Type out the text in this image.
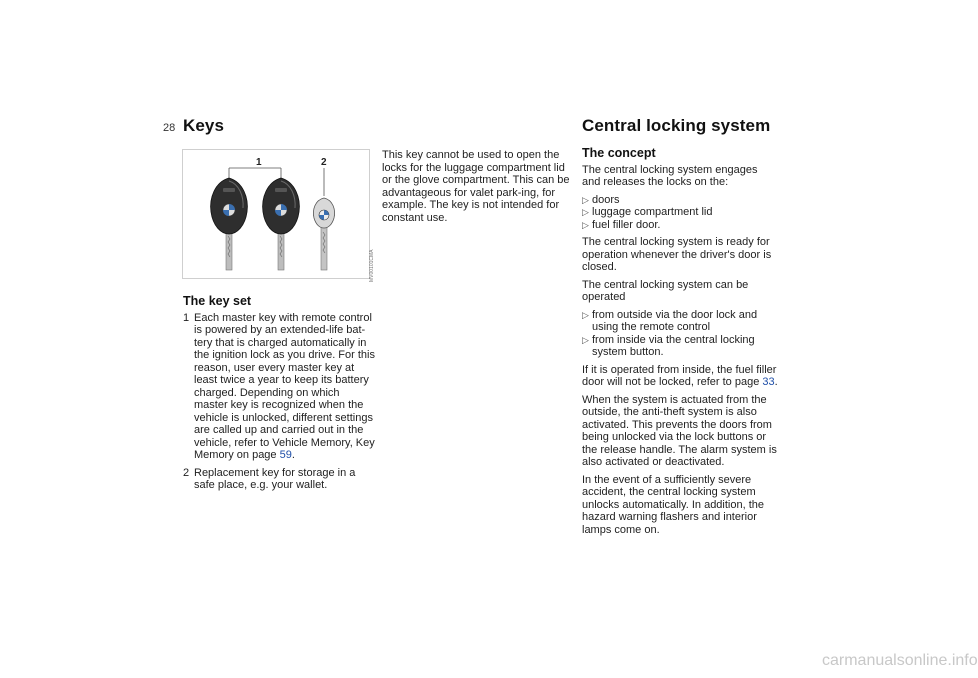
28 Keys	Central locking system
1	2
MV00101CMA
The key set
1 Each master key with remote control is powered by an extended-life bat-tery that is charged automatically in the ignition lock as you drive. For this reason, user every master key at least twice a year to keep its battery charged. Depending on which master key is recognized when the vehicle is unlocked, different settings are called up and carried out in the vehicle, refer to Vehicle Memory, Key Memory on page 59.
2 Replacement key for storage in a safe place, e.g. your wallet.

This key cannot be used to open the locks for the luggage compartment lid or the glove compartment. This can be advantageous for valet park-ing, for example. The key is not intended for constant use.

The concept

The central locking system engages and releases the locks on the:

▷ doors
▷ luggage compartment lid
▷ fuel filler door.

The central locking system is ready for operation whenever the driver's door is closed.

The central locking system can be operated

▷ from outside via the door lock and using the remote control
▷ from inside via the central locking system button.

If it is operated from inside, the fuel filler door will not be locked, refer to page 33.

When the system is actuated from the outside, the anti-theft system is also activated. This prevents the doors from being unlocked via the lock buttons or the release handle. The alarm system is also activated or deactivated.

In the event of a sufficiently severe accident, the central locking system unlocks automatically. In addition, the hazard warning flashers and interior lamps come on.

carmanualsonline.info
